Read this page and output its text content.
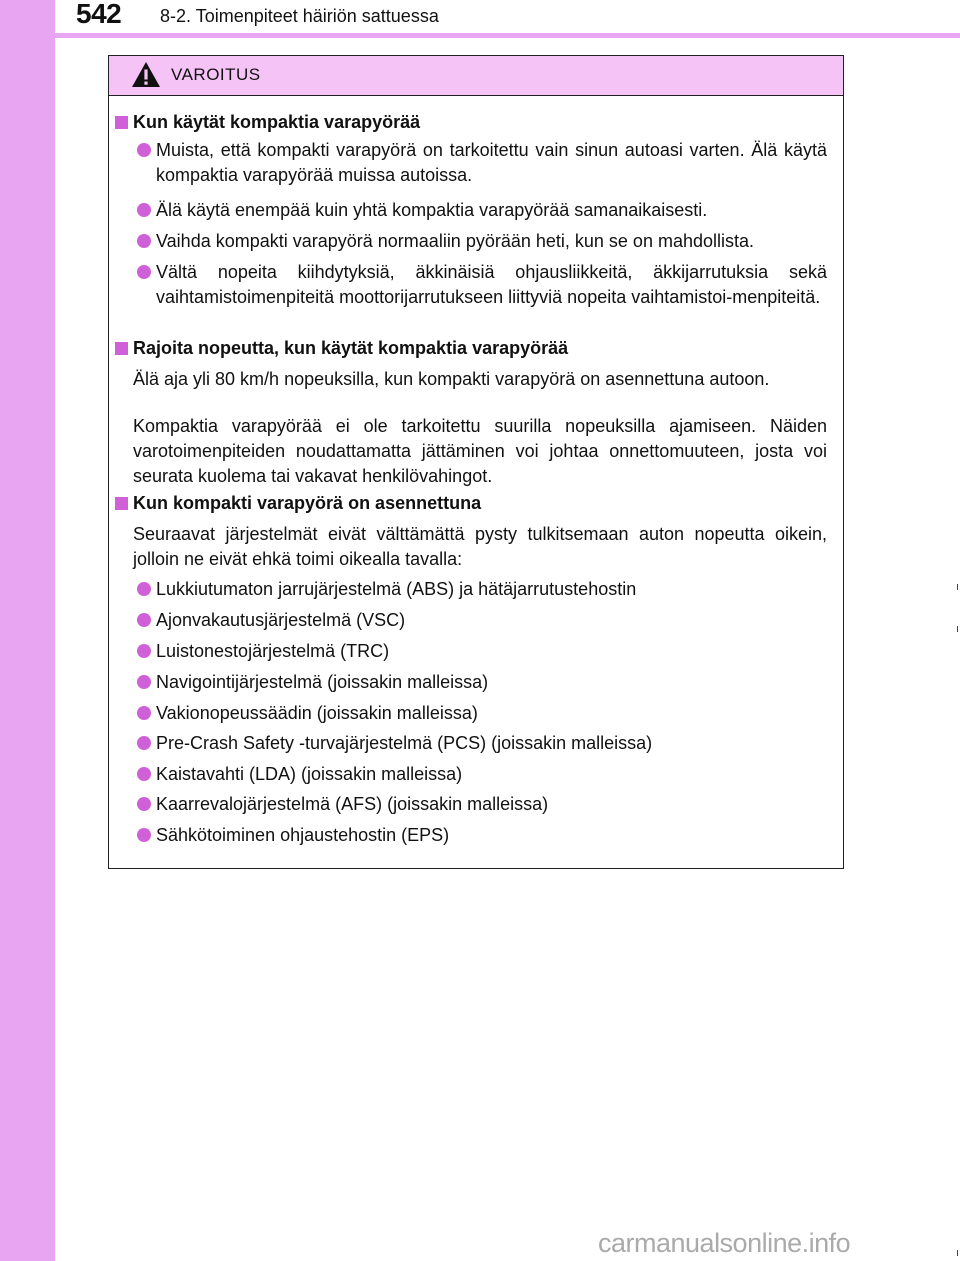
542 8-2. Toimenpiteet häiriön sattuessa
VAROITUS
Kun käytät kompaktia varapyörää
Muista, että kompakti varapyörä on tarkoitettu vain sinun autoasi varten. Älä käytä kompaktia varapyörää muissa autoissa.
Älä käytä enempää kuin yhtä kompaktia varapyörää samanaikaisesti.
Vaihda kompakti varapyörä normaaliin pyörään heti, kun se on mahdollista.
Vältä nopeita kiihdytyksiä, äkkinäisiä ohjausliikkeitä, äkkijarrutuksia sekä vaihtamistoimenpiteitä moottorijarrutukseen liittyviä nopeita vaihtamistoi-menpiteitä.
Rajoita nopeutta, kun käytät kompaktia varapyörää
Älä aja yli 80 km/h nopeuksilla, kun kompakti varapyörä on asennettuna autoon.
Kompaktia varapyörää ei ole tarkoitettu suurilla nopeuksilla ajamiseen. Näiden varotoimenpiteiden noudattamatta jättäminen voi johtaa onnettomuuteen, josta voi seurata kuolema tai vakavat henkilövahingot.
Kun kompakti varapyörä on asennettuna
Seuraavat järjestelmät eivät välttämättä pysty tulkitsemaan auton nopeutta oikein, jolloin ne eivät ehkä toimi oikealla tavalla:
Lukkiutumaton jarrujärjestelmä (ABS) ja hätäjarrutustehostin
Ajonvakautusjärjestelmä (VSC)
Luistonestojärjestelmä (TRC)
Navigointijärjestelmä (joissakin malleissa)
Vakionopeussäädin (joissakin malleissa)
Pre-Crash Safety -turvajärjestelmä (PCS) (joissakin malleissa)
Kaistavahti (LDA) (joissakin malleissa)
Kaarrevalojärjestelmä (AFS) (joissakin malleissa)
Sähkötoiminen ohjaustehostin (EPS)
carmanualsonline.info
